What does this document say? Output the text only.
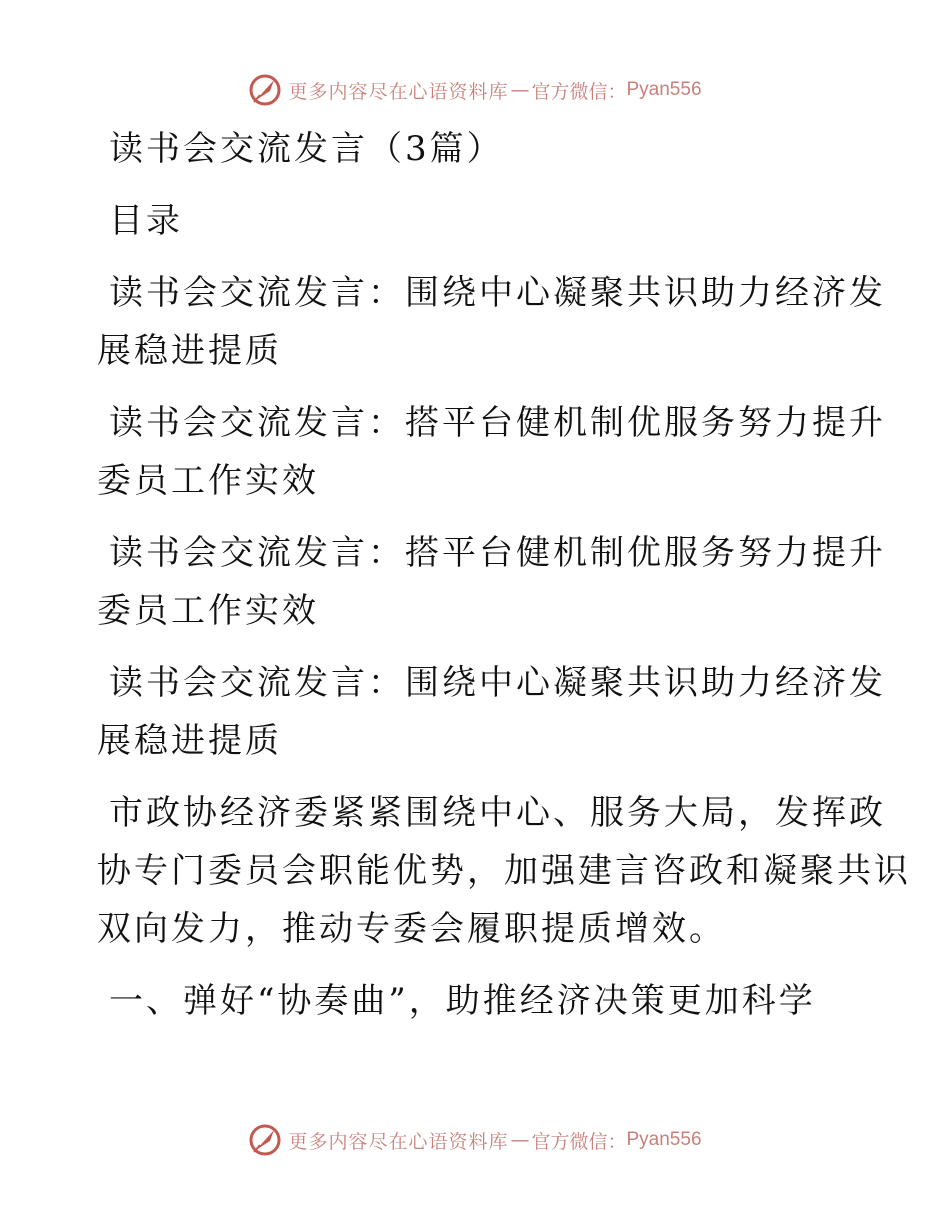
更多内容尽在心语资料库 — 官方微信： Pyan556

读书会交流发言（3篇）

目录

读书会交流发言：围绕中心凝聚共识助力经济发

展稳进提质

读书会交流发言：搭平台健机制优服务努力提升

委员工作实效

读书会交流发言：搭平台健机制优服务努力提升

委员工作实效

读书会交流发言：围绕中心凝聚共识助力经济发

展稳进提质

市政协经济委紧紧围绕中心、服务大局，发挥政

协专门委员会职能优势，加强建言咨政和凝聚共识

双向发力，推动专委会履职提质增效。

一、弹好“协奏曲”，助推经济决策更加科学

更多内容尽在心语资料库 — 官方微信： Pyan556
